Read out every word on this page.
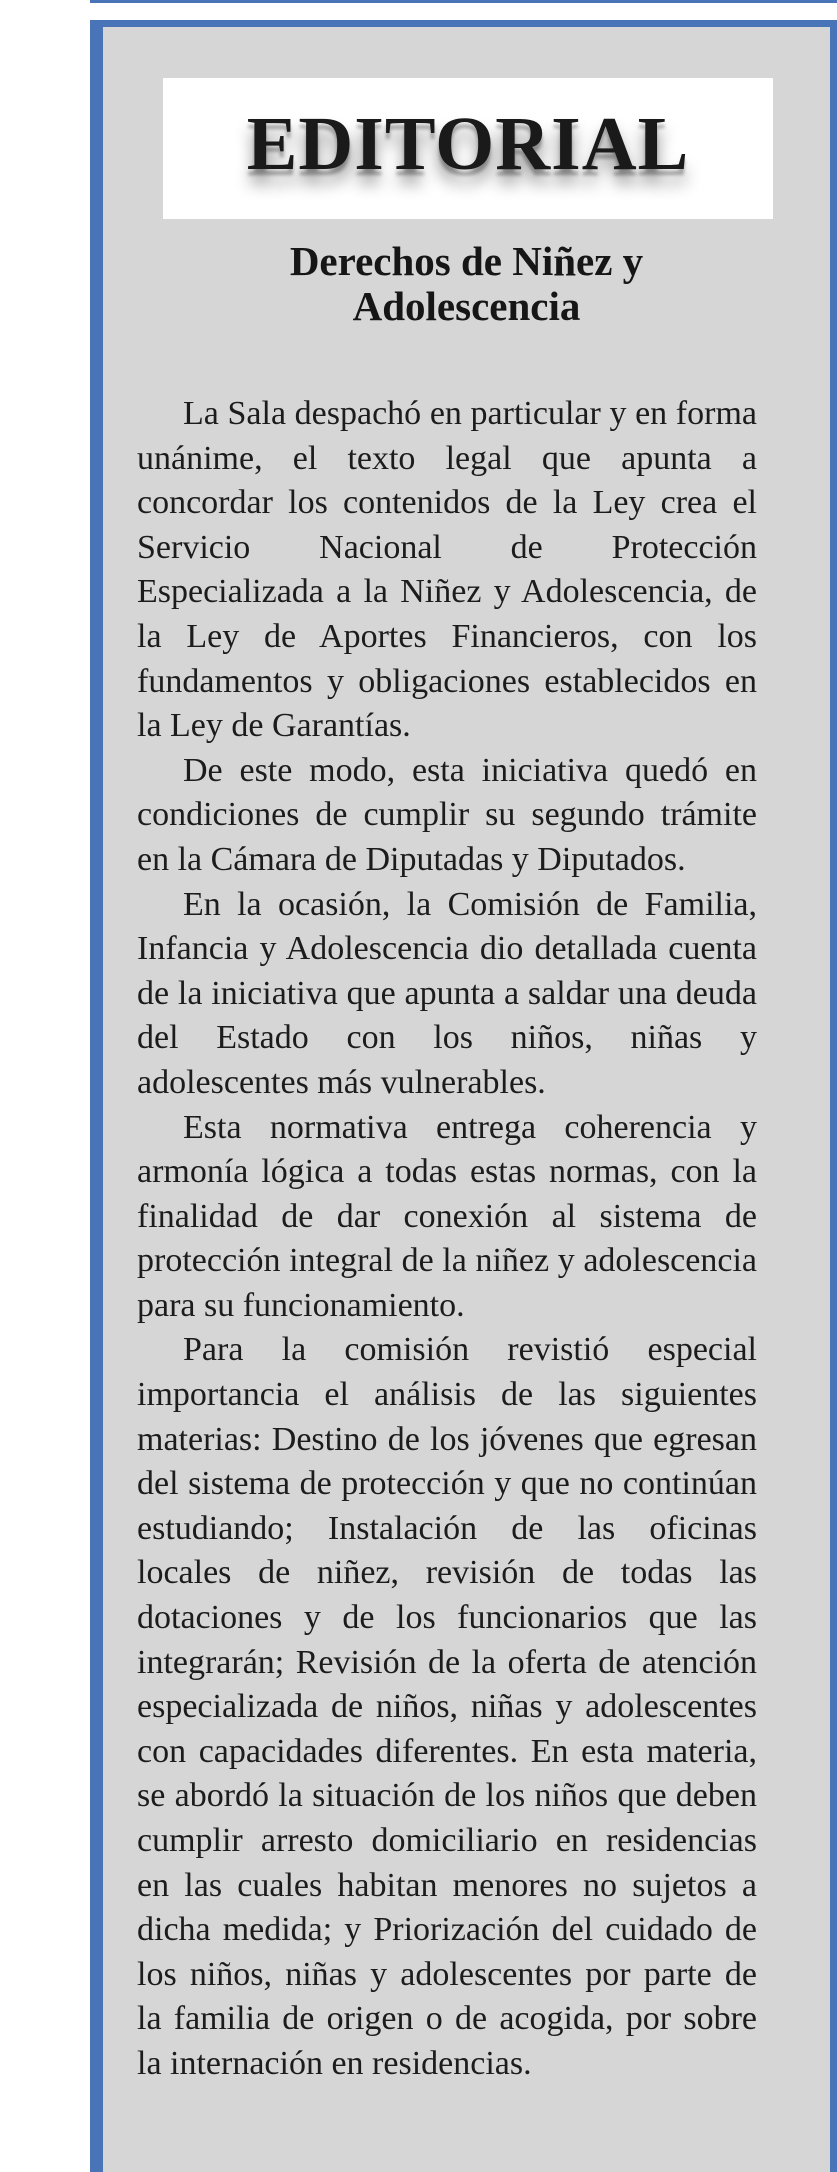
EDITORIAL
Derechos de Niñez y
Adolescencia

La Sala despachó en particular y en forma unánime, el texto legal que apunta a concordar los contenidos de la Ley crea el Servicio Nacional de Protección Especializada a la Niñez y Adolescencia, de la Ley de Aportes Financieros, con los fundamentos y obligaciones establecidos en la Ley de Garantías.

De este modo, esta iniciativa quedó en condiciones de cumplir su segundo trámite en la Cámara de Diputadas y Diputados.

En la ocasión, la Comisión de Familia, Infancia y Adolescencia dio detallada cuenta de la iniciativa que apunta a saldar una deuda del Estado con los niños, niñas y adolescentes más vulnerables.

Esta normativa entrega coherencia y armonía lógica a todas estas normas, con la finalidad de dar conexión al sistema de protección integral de la niñez y adolescencia para su funcionamiento.

Para la comisión revistió especial importancia el análisis de las siguientes materias: Destino de los jóvenes que egresan del sistema de protección y que no continúan estudiando; Instalación de las oficinas locales de niñez, revisión de todas las dotaciones y de los funcionarios que las integrarán; Revisión de la oferta de atención especializada de niños, niñas y adolescentes con capacidades diferentes. En esta materia, se abordó la situación de los niños que deben cumplir arresto domiciliario en residencias en las cuales habitan menores no sujetos a dicha medida; y Priorización del cuidado de los niños, niñas y adolescentes por parte de la familia de origen o de acogida, por sobre la internación en residencias.
